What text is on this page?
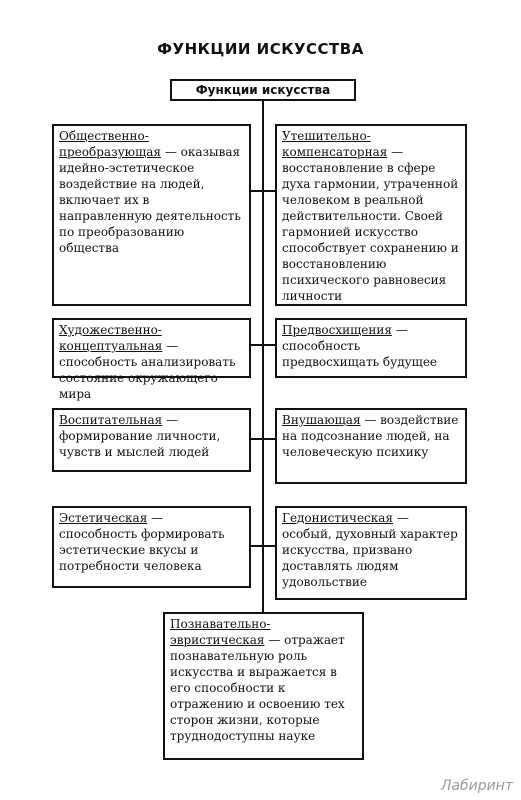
ФУНКЦИИ ИСКУССТВА
Функции искусства
Общественно-преобразующая — оказывая идейно-эстетическое воздействие на людей, включает их в направленную деятельность по преобразованию общества
Утешительно-компенсаторная — восстановление в сфере духа гармонии, утраченной человеком в реальной действительности. Своей гармонией искусство способствует сохранению и восстановлению психического равновесия личности
Художественно-концептуальная — способность анализировать состояние окружающего мира
Предвосхищения — способность предвосхищать будущее
Воспитательная —формирование личности, чувств и мыслей людей
Внушающая — воздействие на подсознание людей, на человеческую психику
Эстетическая — способность формировать эстетические вкусы и потребности человека
Гедонистическая — особый, духовный характер искусства, призвано доставлять людям удовольствие
Познавательно-эвристическая — отражает познавательную роль искусства и выражается в его способности к отражению и освоению тех сторон жизни, которые труднодоступны науке
Лабиринт
